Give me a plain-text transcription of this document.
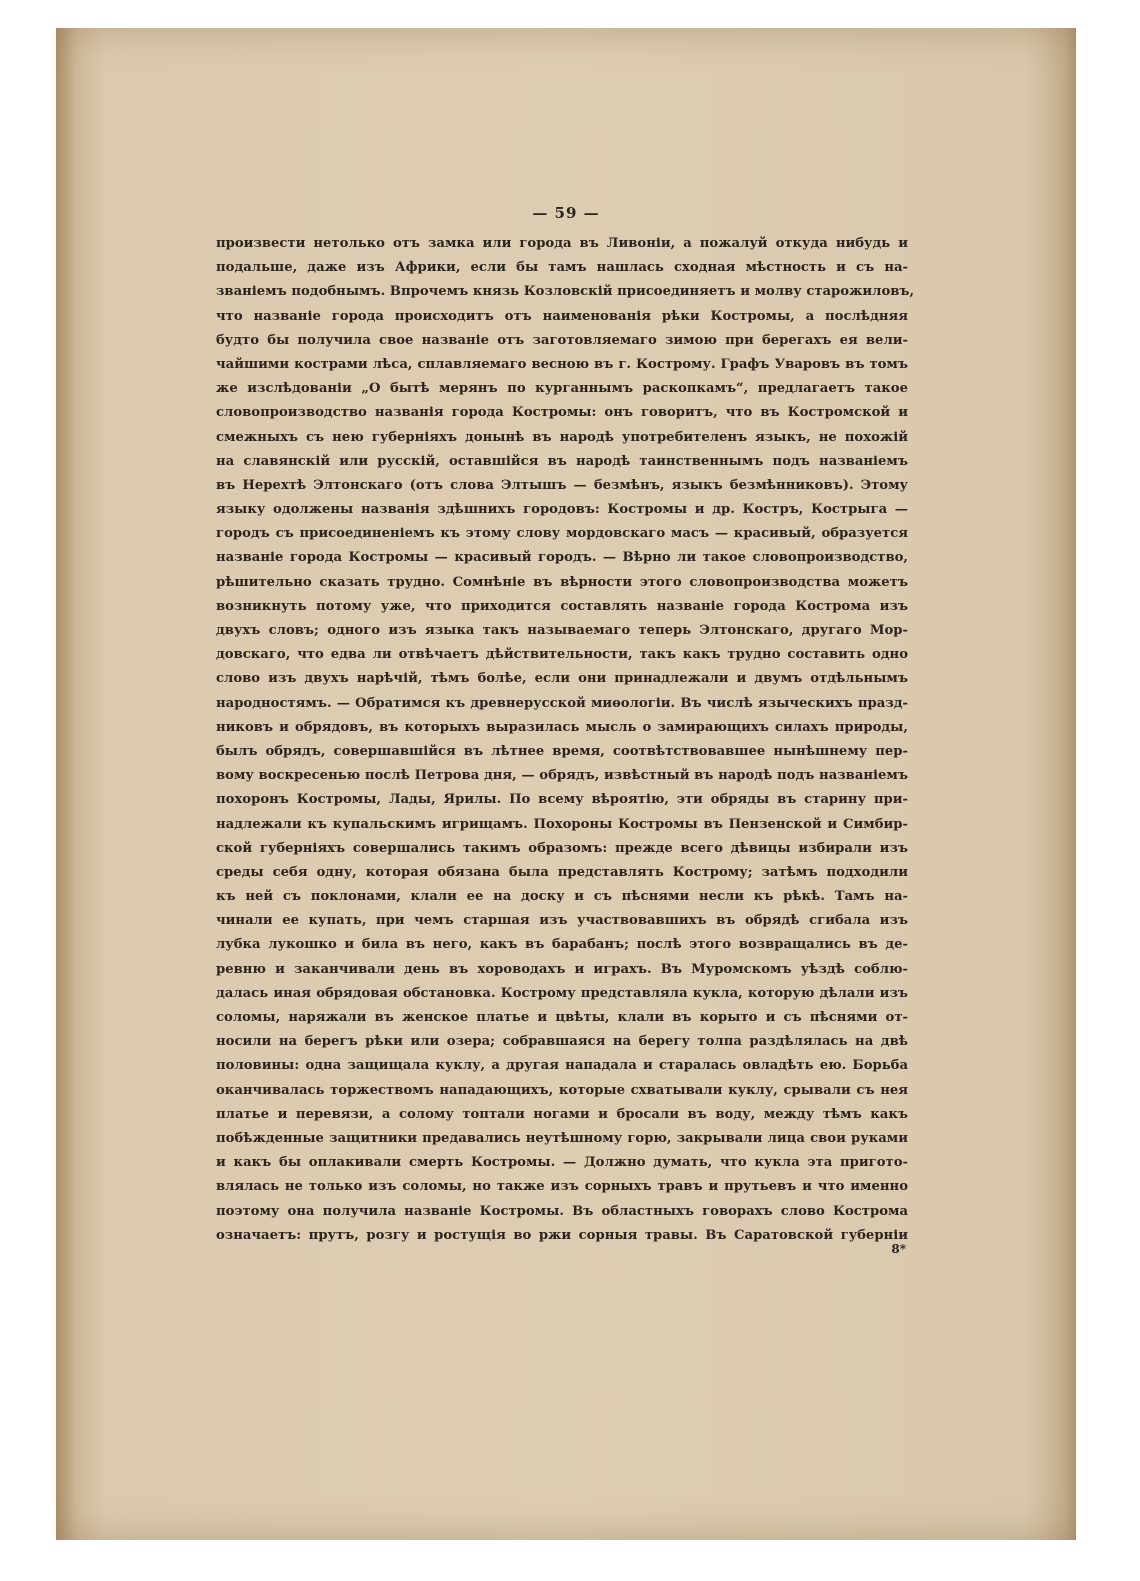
— 59 —
произвести нетолько отъ замка или города въ Ливоніи, а пожалуй откуда нибудь и
подальше, даже изъ Африки, если бы тамъ нашлась сходная мѣстность и съ на-
званіемъ подобнымъ. Впрочемъ князь Козловскій присоединяетъ и молву старожиловъ,
что названіе города происходитъ отъ наименованія рѣки Костромы, а послѣдняя
будто бы получила свое названіе отъ заготовляемаго зимою при берегахъ ея вели-
чайшими кострами лѣса, сплавляемаго весною въ г. Кострому. Графъ Уваровъ въ томъ
же изслѣдованіи „О бытѣ мерянъ по курганнымъ раскопкамъ“, предлагаетъ такое
словопроизводство названія города Костромы: онъ говоритъ, что въ Костромской и
смежныхъ съ нею губерніяхъ донынѣ въ народѣ употребителенъ языкъ, не похожій
на славянскій или русскій, оставшійся въ народѣ таинственнымъ подъ названіемъ
въ Нерехтѣ Элтонскаго (отъ слова Элтышъ — безмѣнъ, языкъ безмѣнниковъ). Этому
языку одолжены названія здѣшнихъ городовъ: Костромы и др. Костръ, Кострыга —
городъ съ присоединеніемъ къ этому слову мордовскаго масъ — красивый, образуется
названіе города Костромы — красивый городъ. — Вѣрно ли такое словопроизводство,
рѣшительно сказать трудно. Сомнѣніе въ вѣрности этого словопроизводства можетъ
возникнуть потому уже, что приходится составлять названіе города Кострома изъ
двухъ словъ; одного изъ языка такъ называемаго теперь Элтонскаго, другаго Мор-
довскаго, что едва ли отвѣчаетъ дѣйствительности, такъ какъ трудно составить одно
слово изъ двухъ нарѣчій, тѣмъ болѣе, если они принадлежали и двумъ отдѣльнымъ
народностямъ. — Обратимся къ древнерусской миѳологіи. Въ числѣ языческихъ празд-
никовъ и обрядовъ, въ которыхъ выразилась мысль о замирающихъ силахъ природы,
былъ обрядъ, совершавшійся въ лѣтнее время, соотвѣтствовавшее нынѣшнему пер-
вому воскресенью послѣ Петрова дня, — обрядъ, извѣстный въ народѣ подъ названіемъ
похоронъ Костромы, Лады, Ярилы. По всему вѣроятію, эти обряды въ старину при-
надлежали къ купальскимъ игрищамъ. Похороны Костромы въ Пензенской и Симбир-
ской губерніяхъ совершались такимъ образомъ: прежде всего дѣвицы избирали изъ
среды себя одну, которая обязана была представлять Кострому; затѣмъ подходили
къ ней съ поклонами, клали ее на доску и съ пѣснями несли къ рѣкѣ. Тамъ на-
чинали ее купать, при чемъ старшая изъ участвовавшихъ въ обрядѣ сгибала изъ
лубка лукошко и била въ него, какъ въ барабанъ; послѣ этого возвращались въ де-
ревню и заканчивали день въ хороводахъ и играхъ. Въ Муромскомъ уѣздѣ соблю-
далась иная обрядовая обстановка. Кострому представляла кукла, которую дѣлали изъ
соломы, наряжали въ женское платье и цвѣты, клали въ корыто и съ пѣснями от-
носили на берегъ рѣки или озера; собравшаяся на берегу толпа раздѣлялась на двѣ
половины: одна защищала куклу, а другая нападала и старалась овладѣть ею. Борьба
оканчивалась торжествомъ нападающихъ, которые схватывали куклу, срывали съ нея
платье и перевязи, а солому топтали ногами и бросали въ воду, между тѣмъ какъ
побѣжденные защитники предавались неутѣшному горю, закрывали лица свои руками
и какъ бы оплакивали смерть Костромы. — Должно думать, что кукла эта пригото-
влялась не только изъ соломы, но также изъ сорныхъ травъ и прутьевъ и что именно
поэтому она получила названіе Костромы. Въ областныхъ говорахъ слово Кострома
означаетъ: прутъ, розгу и ростущія во ржи сорныя травы. Въ Саратовской губерніи
8*
